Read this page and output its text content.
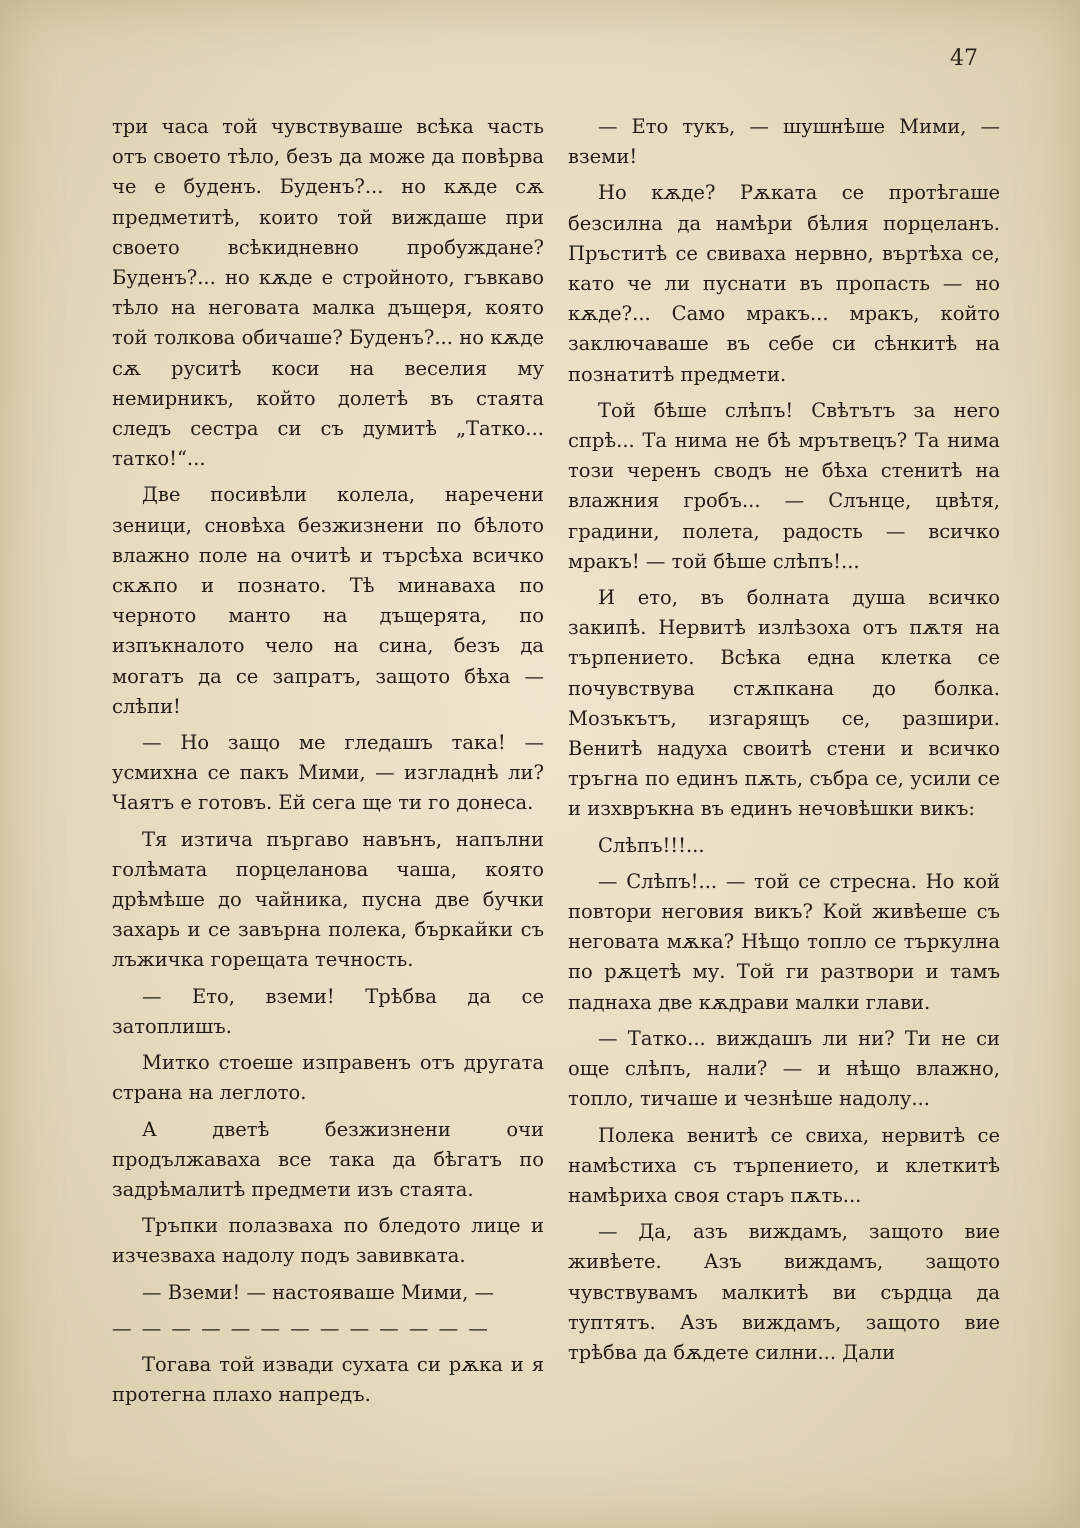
47

три часа той чувствуваше всѣка часть отъ своето тѣло, безъ да може да повѣрва че е буденъ. Буденъ?... но кѫде сѫ предметитѣ, които той виждаше при своето всѣкидневно пробуждане? Буденъ?... но кѫде е стройното, гъвкаво тѣло на неговата малка дъщеря, която той толкова обичаше? Буденъ?... но кѫде сѫ руситѣ коси на веселия му немирникъ, който долетѣ въ стаята следъ сестра си съ думитѣ „Татко... татко!“...

Две посивѣли колела, наречени зеници, сновѣха безжизнени по бѣлото влажно поле на очитѣ и търсѣха всичко скѫпо и познато. Тѣ минаваха по черното манто на дъщерята, по изпъкналото чело на сина, безъ да могатъ да се запратъ, защото бѣха — слѣпи!

— Но защо ме гледашъ така! — усмихна се пакъ Мими, — изгладнѣ ли? Чаятъ е готовъ. Ей сега ще ти го донеса.

Тя изтича пъргаво навънъ, напълни голѣмата порцеланова чаша, която дрѣмѣше до чайника, пусна две бучки захарь и се завърна полека, бъркайки съ лъжичка горещата течность.

— Ето, вземи! Трѣбва да се затоплишъ.

Митко стоеше изправенъ отъ другата страна на леглото.

А дветѣ безжизнени очи продължаваха все така да бѣгатъ по задрѣмалитѣ предмети изъ стаята.

Тръпки полазваха по бледото лице и изчезваха надолу подъ завивката.

— Вземи! — настояваше Мими, —

— — — — — — — — — — — — —

Тогава той извади сухата си рѫка и я протегна плахо напредъ.

— Ето тукъ, — шушнѣше Мими, — вземи!

Но кѫде? Рѫката се протѣгаше безсилна да намѣри бѣлия порцеланъ. Пръститѣ се свиваха нервно, въртѣха се, като че ли пуснати въ пропасть — но кѫде?... Само мракъ... мракъ, който заключаваше въ себе си сѣнкитѣ на познатитѣ предмети.

Той бѣше слѣпъ! Свѣтътъ за него спрѣ... Та нима не бѣ мрътвецъ? Та нима този черенъ сводъ не бѣха стенитѣ на влажния гробъ... — Слънце, цвѣтя, градини, полета, радость — всичко мракъ! — той бѣше слѣпъ!...

И ето, въ болната душа всичко закипѣ. Нервитѣ излѣзоха отъ пѫтя на търпението. Всѣка една клетка се почувствува стѫпкана до болка. Мозъкътъ, изгарящъ се, разшири. Венитѣ надуха своитѣ стени и всичко тръгна по единъ пѫть, събра се, усили се и изхвръкна въ единъ нечовѣшки викъ:

Слѣпъ!!!...

— Слѣпъ!... — той се стресна. Но кой повтори неговия викъ? Кой живѣеше съ неговата мѫка? Нѣщо топло се търкулна по рѫцетѣ му. Той ги разтвори и тамъ паднаха две кѫдрави малки глави.

— Татко... виждашъ ли ни? Ти не си още слѣпъ, нали? — и нѣщо влажно, топло, тичаше и чезнѣше надолу...

Полека венитѣ се свиха, нервитѣ се намѣстиха съ търпението, и клеткитѣ намѣриха своя старъ пѫть...

— Да, азъ виждамъ, защото вие живѣете. Азъ виждамъ, защото чувствувамъ малкитѣ ви сърдца да туптятъ. Азъ виждамъ, защото вие трѣбва да бѫдете силни... Дали
